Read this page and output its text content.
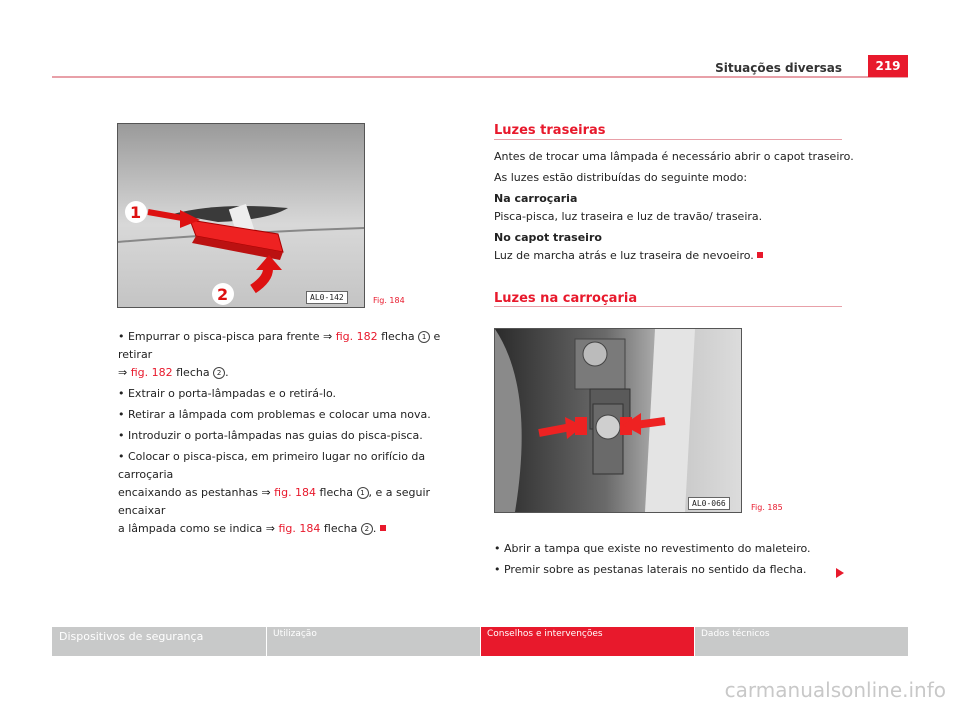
Situações diversas	219
1
2	AL0-142	Fig. 184
• Empurrar o pisca-pisca para frente ⇒ fig. 182 flecha 1 e retirar
⇒ fig. 182 flecha 2 .
• Extrair o porta-lâmpadas e o retirá-lo.
• Retirar a lâmpada com problemas e colocar uma nova.
• Introduzir o porta-lâmpadas nas guias do pisca-pisca.
• Colocar o pisca-pisca, em primeiro lugar no orifício da carroçaria
encaixando as pestanhas ⇒ fig. 184 flecha 1 , e a seguir encaixar
a lâmpada como se indica ⇒ fig. 184 flecha 2 .
Luzes traseiras
Antes de trocar uma lâmpada é necessário abrir o capot traseiro.
As luzes estão distribuídas do seguinte modo:
Na carroçaria
Pisca-pisca, luz traseira e luz de travão/ traseira.
No capot traseiro
Luz de marcha atrás e luz traseira de nevoeiro.
Luzes na carroçaria
AL0-066	Fig. 185
• Abrir a tampa que existe no revestimento do maleteiro.
• Premir sobre as pestanas laterais no sentido da flecha.
Dispositivos de segurança	Utilização	Conselhos e intervenções	Dados técnicos
carmanualsonline.info
